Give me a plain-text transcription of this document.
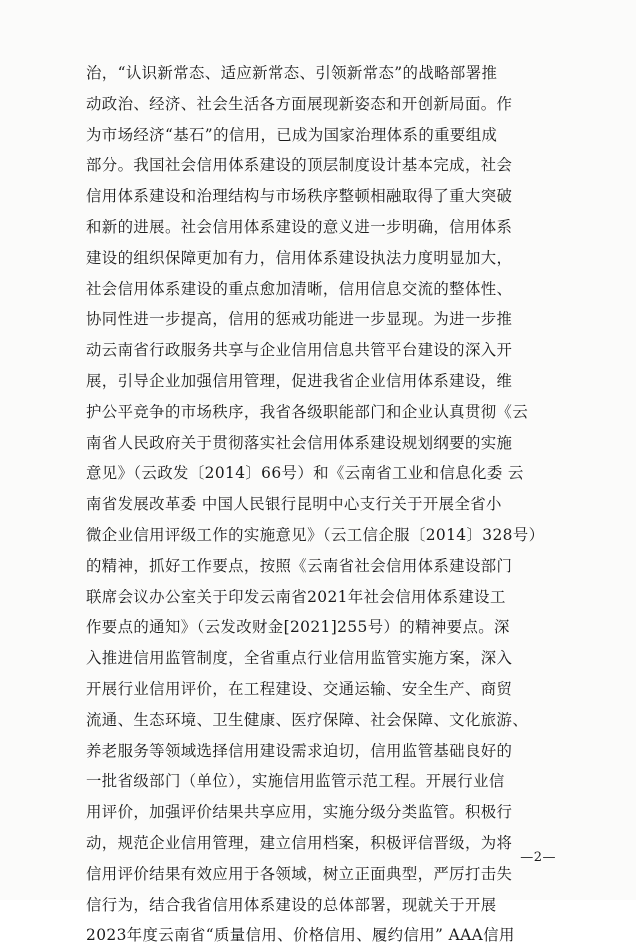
治，“认识新常态、适应新常态、引领新常态”的战略部署推
动政治、经济、社会生活各方面展现新姿态和开创新局面。作
为市场经济“基石”的信用，已成为国家治理体系的重要组成
部分。我国社会信用体系建设的顶层制度设计基本完成，社会
信用体系建设和治理结构与市场秩序整顿相融取得了重大突破
和新的进展。社会信用体系建设的意义进一步明确，信用体系
建设的组织保障更加有力，信用体系建设执法力度明显加大，
社会信用体系建设的重点愈加清晰，信用信息交流的整体性、
协同性进一步提高，信用的惩戒功能进一步显现。为进一步推
动云南省行政服务共享与企业信用信息共管平台建设的深入开
展，引导企业加强信用管理，促进我省企业信用体系建设，维
护公平竞争的市场秩序，我省各级职能部门和企业认真贯彻《云
南省人民政府关于贯彻落实社会信用体系建设规划纲要的实施
意见》（云政发〔2014〕66号）和《云南省工业和信息化委 云
南省发展改革委 中国人民银行昆明中心支行关于开展全省小
微企业信用评级工作的实施意见》（云工信企服〔2014〕328号）
的精神，抓好工作要点，按照《云南省社会信用体系建设部门
联席会议办公室关于印发云南省2021年社会信用体系建设工
作要点的通知》（云发改财金[2021]255号）的精神要点。深
入推进信用监管制度，全省重点行业信用监管实施方案，深入
开展行业信用评价，在工程建设、交通运输、安全生产、商贸
流通、生态环境、卫生健康、医疗保障、社会保障、文化旅游、
养老服务等领域选择信用建设需求迫切，信用监管基础良好的
一批省级部门（单位），实施信用监管示范工程。开展行业信
用评价，加强评价结果共享应用，实施分级分类监管。积极行
动，规范企业信用管理，建立信用档案，积极评信晋级，为将
信用评价结果有效应用于各领域，树立正面典型，严厉打击失
信行为，结合我省信用体系建设的总体部署，现就关于开展
2023年度云南省“质量信用、价格信用、履约信用” AAA信用
—2—
